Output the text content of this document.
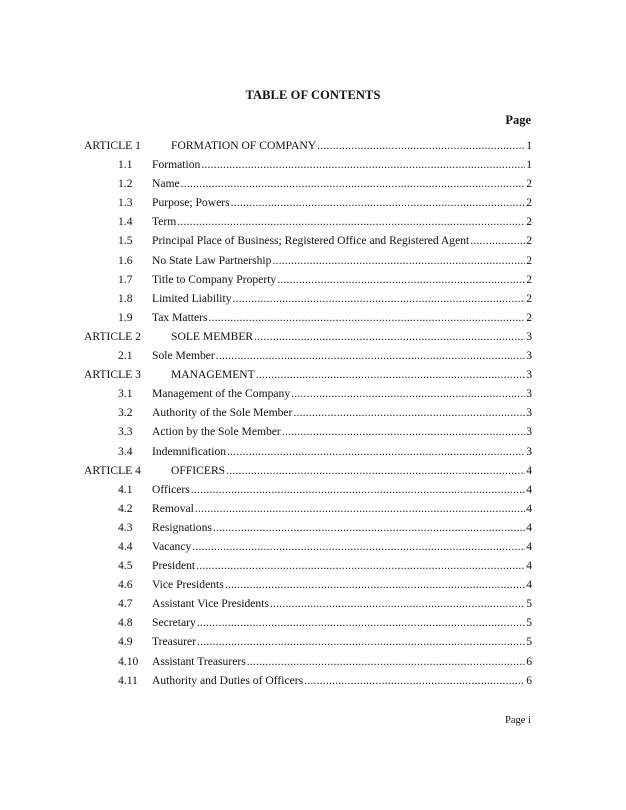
TABLE OF CONTENTS
Page
ARTICLE 1	FORMATION OF COMPANY .....	1
1.1 Formation .....	1
1.2 Name .....	2
1.3 Purpose; Powers .....	2
1.4 Term .....	2
1.5 Principal Place of Business; Registered Office and Registered Agent .....	2
1.6 No State Law Partnership .....	2
1.7 Title to Company Property .....	2
1.8 Limited Liability .....	2
1.9 Tax Matters .....	2
ARTICLE 2	SOLE MEMBER .....	3
2.1 Sole Member .....	3
ARTICLE 3	MANAGEMENT .....	3
3.1 Management of the Company .....	3
3.2 Authority of the Sole Member .....	3
3.3 Action by the Sole Member .....	3
3.4 Indemnification .....	3
ARTICLE 4	OFFICERS .....	4
4.1 Officers .....	4
4.2 Removal .....	4
4.3 Resignations .....	4
4.4 Vacancy .....	4
4.5 President .....	4
4.6 Vice Presidents .....	4
4.7 Assistant Vice Presidents .....	5
4.8 Secretary .....	5
4.9 Treasurer .....	5
4.10 Assistant Treasurers .....	6
4.11 Authority and Duties of Officers .....	6
Page i
